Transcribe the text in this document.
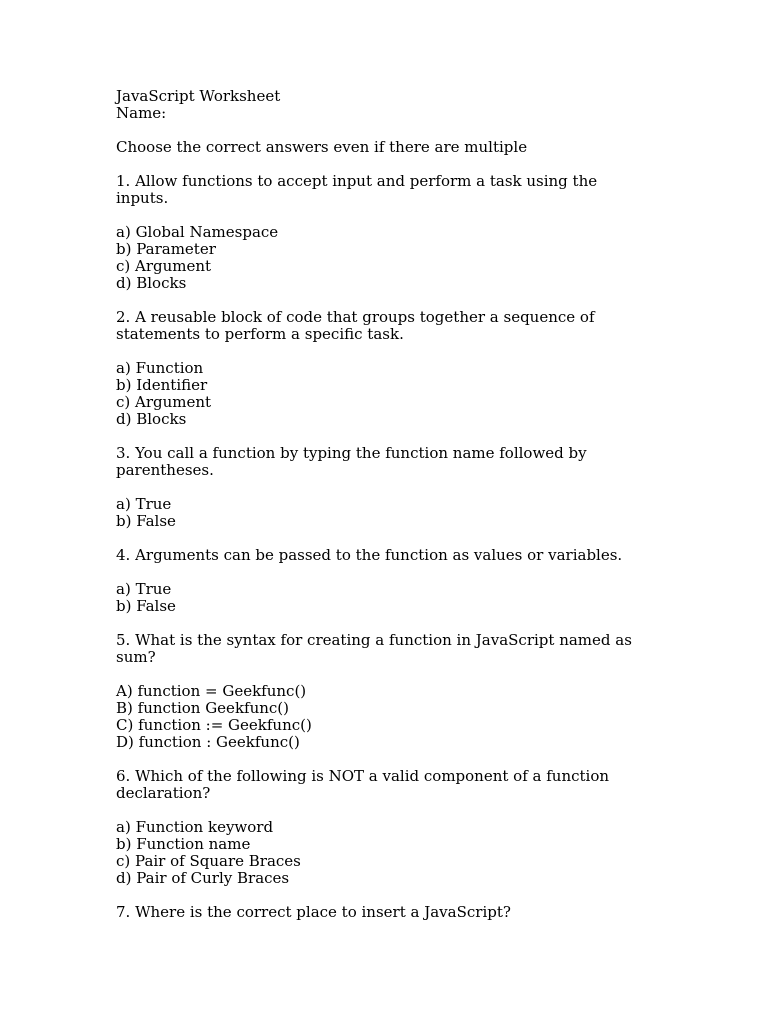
JavaScript Worksheet
Name:
Choose the correct answers even if there are multiple
1. Allow functions to accept input and perform a task using the
inputs.
a) Global Namespace
b) Parameter
c) Argument
d) Blocks
2. A reusable block of code that groups together a sequence of
statements to perform a specific task.
a) Function
b) Identifier
c) Argument
d) Blocks
3. You call a function by typing the function name followed by
parentheses.
a) True
b) False
4. Arguments can be passed to the function as values or variables.
a) True
b) False
5. What is the syntax for creating a function in JavaScript named as
sum?
A) function = Geekfunc()
B) function Geekfunc()
C) function := Geekfunc()
D) function : Geekfunc()
6. Which of the following is NOT a valid component of a function
declaration?
a) Function keyword
b) Function name
c) Pair of Square Braces
d) Pair of Curly Braces
7. Where is the correct place to insert a JavaScript?
